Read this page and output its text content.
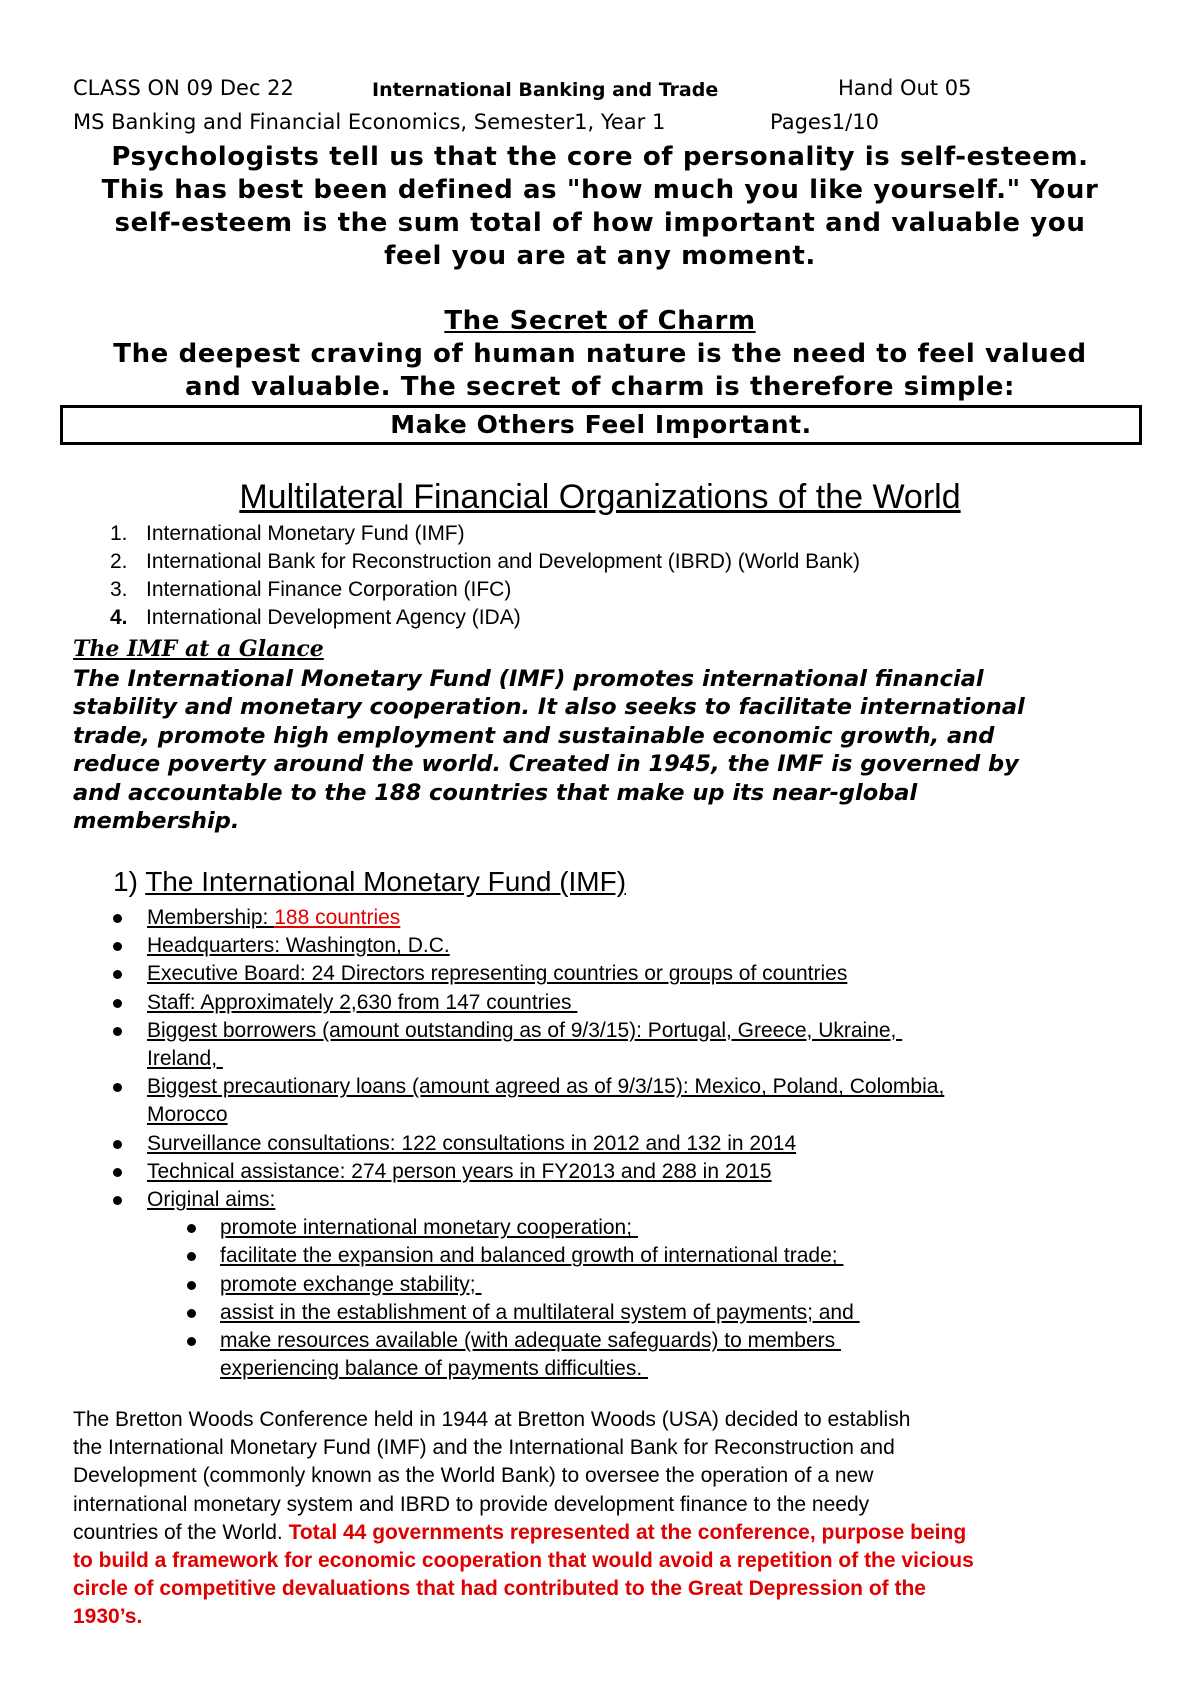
CLASS ON 09 Dec 22	International Banking and Trade	Hand Out 05
MS Banking and Financial Economics, Semester1, Year 1	Pages1/10
Psychologists tell us that the core of personality is self-esteem.
This has best been defined as "how much you like yourself." Your
self-esteem is the sum total of how important and valuable you
feel you are at any moment.
The Secret of Charm
The deepest craving of human nature is the need to feel valued
and valuable. The secret of charm is therefore simple:
Make Others Feel Important.
Multilateral Financial Organizations of the World
1. International Monetary Fund (IMF)
2. International Bank for Reconstruction and Development (IBRD) (World Bank)
3. International Finance Corporation (IFC)
4. International Development Agency (IDA)
The IMF at a Glance
The International Monetary Fund (IMF) promotes international financial
stability and monetary cooperation. It also seeks to facilitate international
trade, promote high employment and sustainable economic growth, and
reduce poverty around the world. Created in 1945, the IMF is governed by
and accountable to the 188 countries that make up its near-global
membership.
1) The International Monetary Fund (IMF)
Membership: 188 countries
Headquarters: Washington, D.C.
Executive Board: 24 Directors representing countries or groups of countries
Staff: Approximately 2,630 from 147 countries
Biggest borrowers (amount outstanding as of 9/3/15): Portugal, Greece, Ukraine,
Ireland,
Biggest precautionary loans (amount agreed as of 9/3/15): Mexico, Poland, Colombia,
Morocco
Surveillance consultations: 122 consultations in 2012 and 132 in 2014
Technical assistance: 274 person years in FY2013 and 288 in 2015
Original aims:
promote international monetary cooperation;
facilitate the expansion and balanced growth of international trade;
promote exchange stability;
assist in the establishment of a multilateral system of payments; and
make resources available (with adequate safeguards) to members
experiencing balance of payments difficulties.
The Bretton Woods Conference held in 1944 at Bretton Woods (USA) decided to establish
the International Monetary Fund (IMF) and the International Bank for Reconstruction and
Development (commonly known as the World Bank) to oversee the operation of a new
international monetary system and IBRD to provide development finance to the needy
countries of the World. Total 44 governments represented at the conference, purpose being
to build a framework for economic cooperation that would avoid a repetition of the vicious
circle of competitive devaluations that had contributed to the Great Depression of the
1930’s.
